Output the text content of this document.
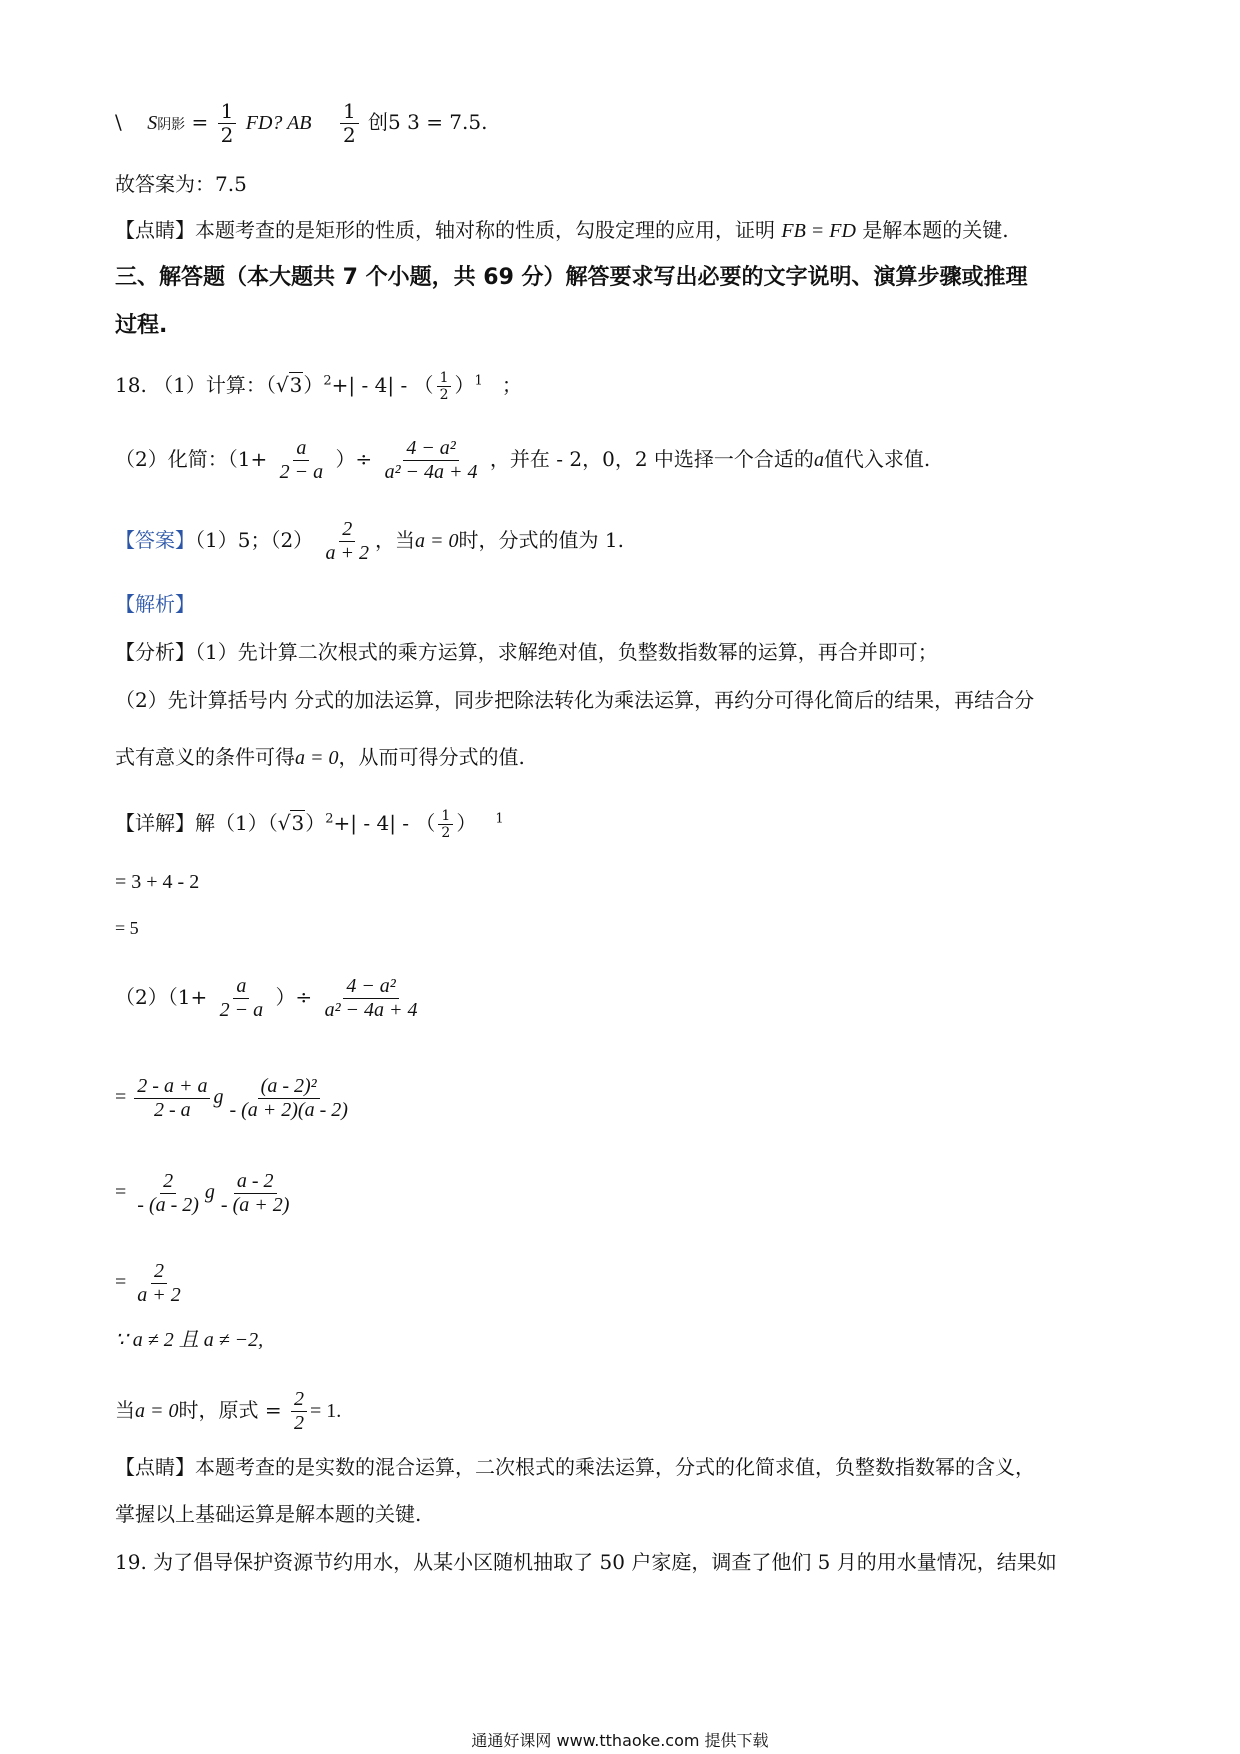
\ S阴影 = $\frac{1}{2}$ FD? AB $\frac{1}{2}$ 创5 3 = 7.5.
故答案为：7.5
【点睛】本题考查的是矩形的性质，轴对称的性质，勾股定理的应用，证明 FB = FD 是解本题的关键.
三、解答题（本大题共 7 个小题，共 69 分）解答要求写出必要的文字说明、演算步骤或推理
过程.
18. （1）计算：$(√3)^2+| - 4|$ - （ $\frac{1}{2} )^1$ ；
（2）化简：（$1+ \frac{a}{2 - a}$ ）÷ $\frac{\text{4 − a²}}{\text{a² − 4a + 4}}$ ，并在 - 2，0，2 中选择一个合适的a值代入求值.
【答案】（1）5；$(2) \frac{2}{a + 2}$ ，当a = 0时，分式的值为 1.
【解析】
【分析】（1）先计算二次根式的乘方运算，求解绝对值，负整数指数幂的运算，再合并即可；
（2）先计算括号内 分式的加法运算，同步把除法转化为乘法运算，再约分可得化简后的结果，再结合分
式有意义的条件可得a = 0，从而可得分式的值.
【详解】解$(1)(√3)^2+| - 4|$ - （ $\frac{1}{2}$ ） $^1$
= 3 + 4 - 2
= 5
$(2)(1+ \frac{a}{2 - a}$ ）÷ $\frac{\text{4 − a²}}{\text{a² − 4a + 4}}$
= $\frac{2 - a + a}{2 - a}$ g $\frac{\text{(a - 2)²}}{- (a + 2)(a - 2)}$
= $\frac{2}{- (a - 2)}$ g $\frac{a - 2}{- (a + 2)}$
= $\frac{2}{a + 2}$
∵ a ≠ 2 且 a ≠ −2,
当a = 0时，原式 = $\frac{2}{2} = 1$.
【点睛】本题考查的是实数的混合运算，二次根式的乘法运算，分式的化简求值，负整数指数幂的含义，
掌握以上基础运算是解本题的关键.
19. 为了倡导保护资源节约用水，从某小区随机抽取了 50 户家庭，调查了他们 5 月的用水量情况，结果如
通通好课网 www.tthaoke.com 提供下载
